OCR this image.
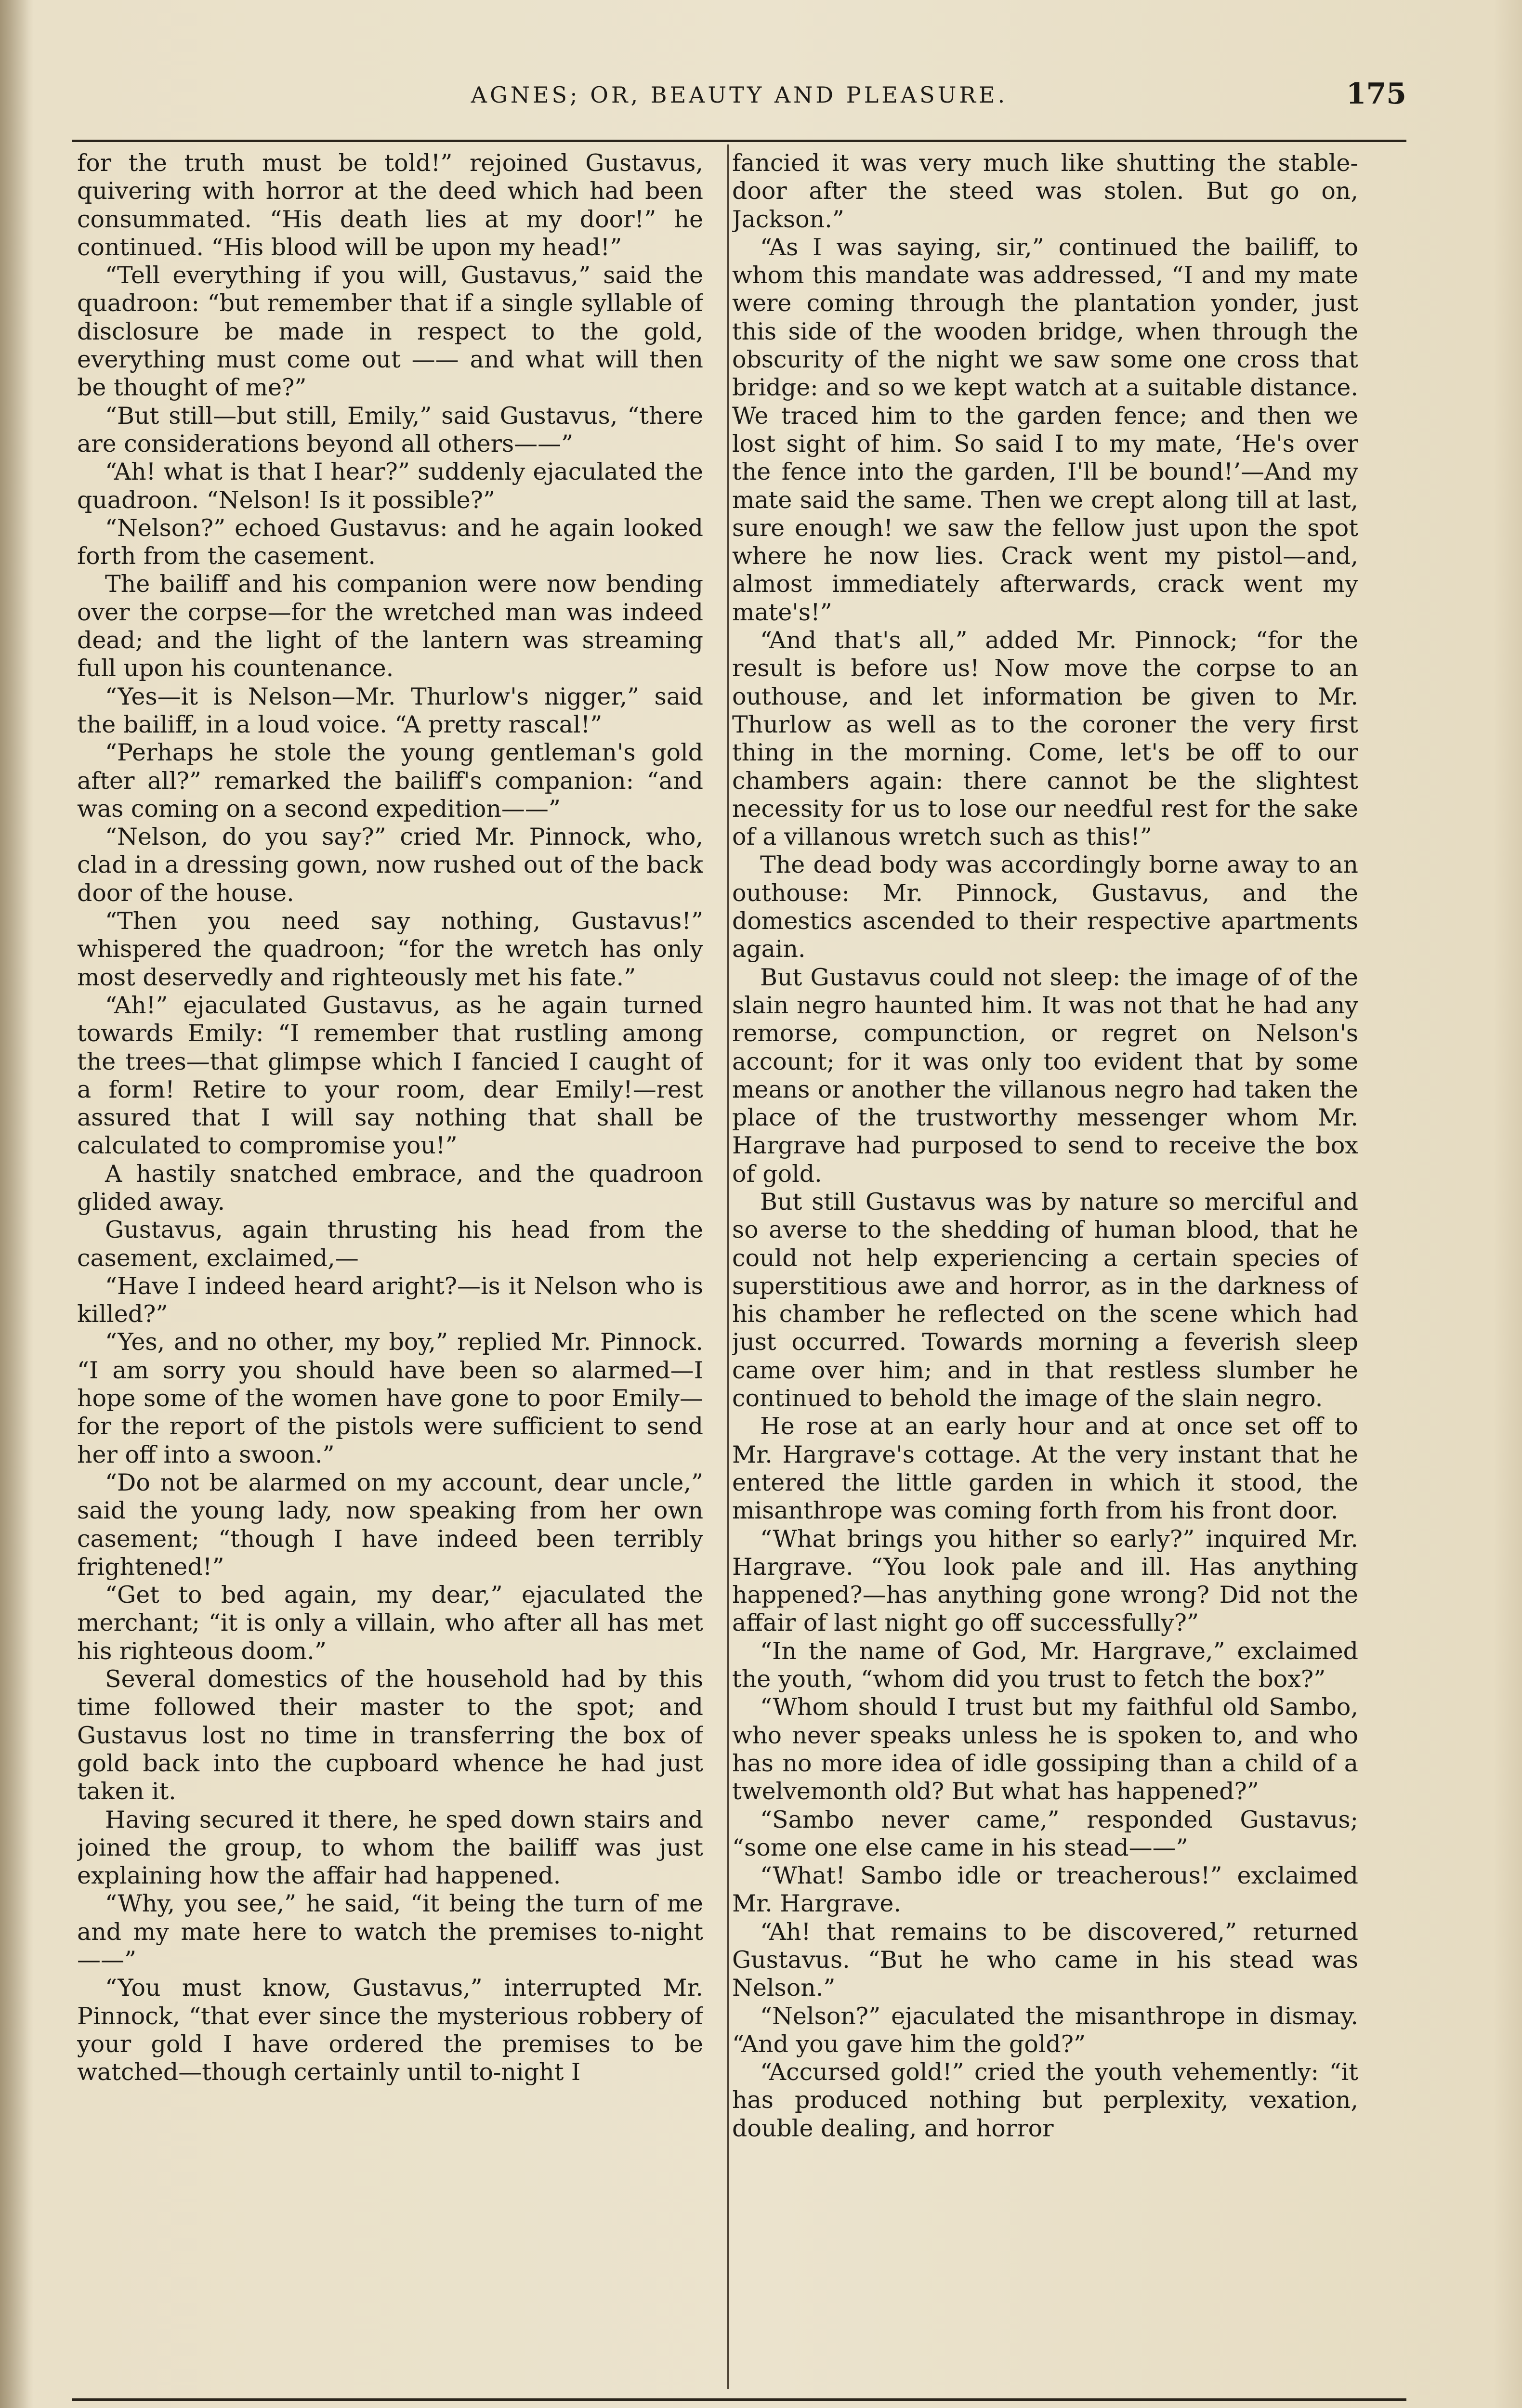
AGNES; OR, BEAUTY AND PLEASURE.	175

for the truth must be told!” rejoined Gustavus, quivering with horror at the deed which had been consummated. “His death lies at my door!” he continued. “His blood will be upon my head!”

“Tell everything if you will, Gustavus,” said the quadroon: “but remember that if a single syllable of disclosure be made in respect to the gold, everything must come out —— and what will then be thought of me?”

“But still—but still, Emily,” said Gustavus, “there are considerations beyond all others——”

“Ah! what is that I hear?” suddenly ejaculated the quadroon. “Nelson! Is it possible?”

“Nelson?” echoed Gustavus: and he again looked forth from the casement.

The bailiff and his companion were now bending over the corpse—for the wretched man was indeed dead; and the light of the lantern was streaming full upon his countenance.

“Yes—it is Nelson—Mr. Thurlow's nigger,” said the bailiff, in a loud voice. “A pretty rascal!”

“Perhaps he stole the young gentleman's gold after all?” remarked the bailiff's companion: “and was coming on a second expedition——”

“Nelson, do you say?” cried Mr. Pinnock, who, clad in a dressing gown, now rushed out of the back door of the house.

“Then you need say nothing, Gustavus!” whispered the quadroon; “for the wretch has only most deservedly and righteously met his fate.”

“Ah!” ejaculated Gustavus, as he again turned towards Emily: “I remember that rustling among the trees—that glimpse which I fancied I caught of a form! Retire to your room, dear Emily!—rest assured that I will say nothing that shall be calculated to compromise you!”

A hastily snatched embrace, and the quadroon glided away.

Gustavus, again thrusting his head from the casement, exclaimed,—

“Have I indeed heard aright?—is it Nelson who is killed?”

“Yes, and no other, my boy,” replied Mr. Pinnock. “I am sorry you should have been so alarmed—I hope some of the women have gone to poor Emily—for the report of the pistols were sufficient to send her off into a swoon.”

“Do not be alarmed on my account, dear uncle,” said the young lady, now speaking from her own casement; “though I have indeed been terribly frightened!”

“Get to bed again, my dear,” ejaculated the merchant; “it is only a villain, who after all has met his righteous doom.”

Several domestics of the household had by this time followed their master to the spot; and Gustavus lost no time in transferring the box of gold back into the cupboard whence he had just taken it.

Having secured it there, he sped down stairs and joined the group, to whom the bailiff was just explaining how the affair had happened.

“Why, you see,” he said, “it being the turn of me and my mate here to watch the premises to-night——”

“You must know, Gustavus,” interrupted Mr. Pinnock, “that ever since the mysterious robbery of your gold I have ordered the premises to be watched—though certainly until to-night I

fancied it was very much like shutting the stable-door after the steed was stolen. But go on, Jackson.”

“As I was saying, sir,” continued the bailiff, to whom this mandate was addressed, “I and my mate were coming through the plantation yonder, just this side of the wooden bridge, when through the obscurity of the night we saw some one cross that bridge: and so we kept watch at a suitable distance. We traced him to the garden fence; and then we lost sight of him. So said I to my mate, ‘He's over the fence into the garden, I'll be bound!’—And my mate said the same. Then we crept along till at last, sure enough! we saw the fellow just upon the spot where he now lies. Crack went my pistol—and, almost immediately afterwards, crack went my mate's!”

“And that's all,” added Mr. Pinnock; “for the result is before us! Now move the corpse to an outhouse, and let information be given to Mr. Thurlow as well as to the coroner the very first thing in the morning. Come, let's be off to our chambers again: there cannot be the slightest necessity for us to lose our needful rest for the sake of a villanous wretch such as this!”

The dead body was accordingly borne away to an outhouse: Mr. Pinnock, Gustavus, and the domestics ascended to their respective apartments again.

But Gustavus could not sleep: the image of of the slain negro haunted him. It was not that he had any remorse, compunction, or regret on Nelson's account; for it was only too evident that by some means or another the villanous negro had taken the place of the trustworthy messenger whom Mr. Hargrave had purposed to send to receive the box of gold.

But still Gustavus was by nature so merciful and so averse to the shedding of human blood, that he could not help experiencing a certain species of superstitious awe and horror, as in the darkness of his chamber he reflected on the scene which had just occurred. Towards morning a feverish sleep came over him; and in that restless slumber he continued to behold the image of the slain negro.

He rose at an early hour and at once set off to Mr. Hargrave's cottage. At the very instant that he entered the little garden in which it stood, the misanthrope was coming forth from his front door.

“What brings you hither so early?” inquired Mr. Hargrave. “You look pale and ill. Has anything happened?—has anything gone wrong? Did not the affair of last night go off successfully?”

“In the name of God, Mr. Hargrave,” exclaimed the youth, “whom did you trust to fetch the box?”

“Whom should I trust but my faithful old Sambo, who never speaks unless he is spoken to, and who has no more idea of idle gossiping than a child of a twelvemonth old? But what has happened?”

“Sambo never came,” responded Gustavus; “some one else came in his stead——”

“What! Sambo idle or treacherous!” exclaimed Mr. Hargrave.

“Ah! that remains to be discovered,” returned Gustavus. “But he who came in his stead was Nelson.”

“Nelson?” ejaculated the misanthrope in dismay. “And you gave him the gold?”

“Accursed gold!” cried the youth vehemently: “it has produced nothing but perplexity, vexation, double dealing, and horror
